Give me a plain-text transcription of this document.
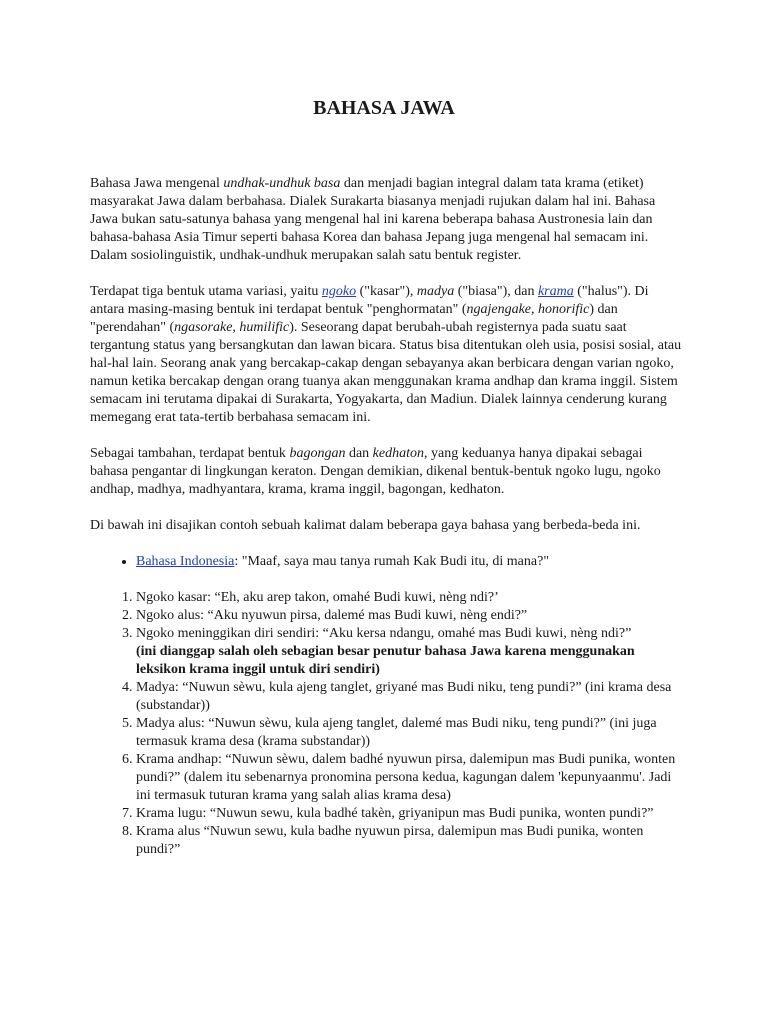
BAHASA JAWA

Bahasa Jawa mengenal undhak-undhuk basa dan menjadi bagian integral dalam tata krama (etiket) masyarakat Jawa dalam berbahasa. Dialek Surakarta biasanya menjadi rujukan dalam hal ini. Bahasa Jawa bukan satu-satunya bahasa yang mengenal hal ini karena beberapa bahasa Austronesia lain dan bahasa-bahasa Asia Timur seperti bahasa Korea dan bahasa Jepang juga mengenal hal semacam ini. Dalam sosiolinguistik, undhak-undhuk merupakan salah satu bentuk register.

Terdapat tiga bentuk utama variasi, yaitu ngoko ("kasar"), madya ("biasa"), dan krama ("halus"). Di antara masing-masing bentuk ini terdapat bentuk "penghormatan" (ngajengake, honorific) dan "perendahan" (ngasorake, humilific). Seseorang dapat berubah-ubah registernya pada suatu saat tergantung status yang bersangkutan dan lawan bicara. Status bisa ditentukan oleh usia, posisi sosial, atau hal-hal lain. Seorang anak yang bercakap-cakap dengan sebayanya akan berbicara dengan varian ngoko, namun ketika bercakap dengan orang tuanya akan menggunakan krama andhap dan krama inggil. Sistem semacam ini terutama dipakai di Surakarta, Yogyakarta, dan Madiun. Dialek lainnya cenderung kurang memegang erat tata-tertib berbahasa semacam ini.

Sebagai tambahan, terdapat bentuk bagongan dan kedhaton, yang keduanya hanya dipakai sebagai bahasa pengantar di lingkungan keraton. Dengan demikian, dikenal bentuk-bentuk ngoko lugu, ngoko andhap, madhya, madhyantara, krama, krama inggil, bagongan, kedhaton.

Di bawah ini disajikan contoh sebuah kalimat dalam beberapa gaya bahasa yang berbeda-beda ini.

• Bahasa Indonesia: "Maaf, saya mau tanya rumah Kak Budi itu, di mana?"
1. Ngoko kasar: “Eh, aku arep takon, omahé Budi kuwi, nèng ndi?’
2. Ngoko alus: “Aku nyuwun pirsa, dalemé mas Budi kuwi, nèng endi?”
3. Ngoko meninggikan diri sendiri: “Aku kersa ndangu, omahé mas Budi kuwi, nèng ndi?”
(ini dianggap salah oleh sebagian besar penutur bahasa Jawa karena menggunakan leksikon krama inggil untuk diri sendiri)
4. Madya: “Nuwun sèwu, kula ajeng tanglet, griyané mas Budi niku, teng pundi?” (ini krama desa (substandar))
5. Madya alus: “Nuwun sèwu, kula ajeng tanglet, dalemé mas Budi niku, teng pundi?” (ini juga termasuk krama desa (krama substandar))
6. Krama andhap: “Nuwun sèwu, dalem badhé nyuwun pirsa, dalemipun mas Budi punika, wonten pundi?” (dalem itu sebenarnya pronomina persona kedua, kagungan dalem 'kepunyaanmu'. Jadi ini termasuk tuturan krama yang salah alias krama desa)
7. Krama lugu: “Nuwun sewu, kula badhé takèn, griyanipun mas Budi punika, wonten pundi?”
8. Krama alus “Nuwun sewu, kula badhe nyuwun pirsa, dalemipun mas Budi punika, wonten pundi?”
